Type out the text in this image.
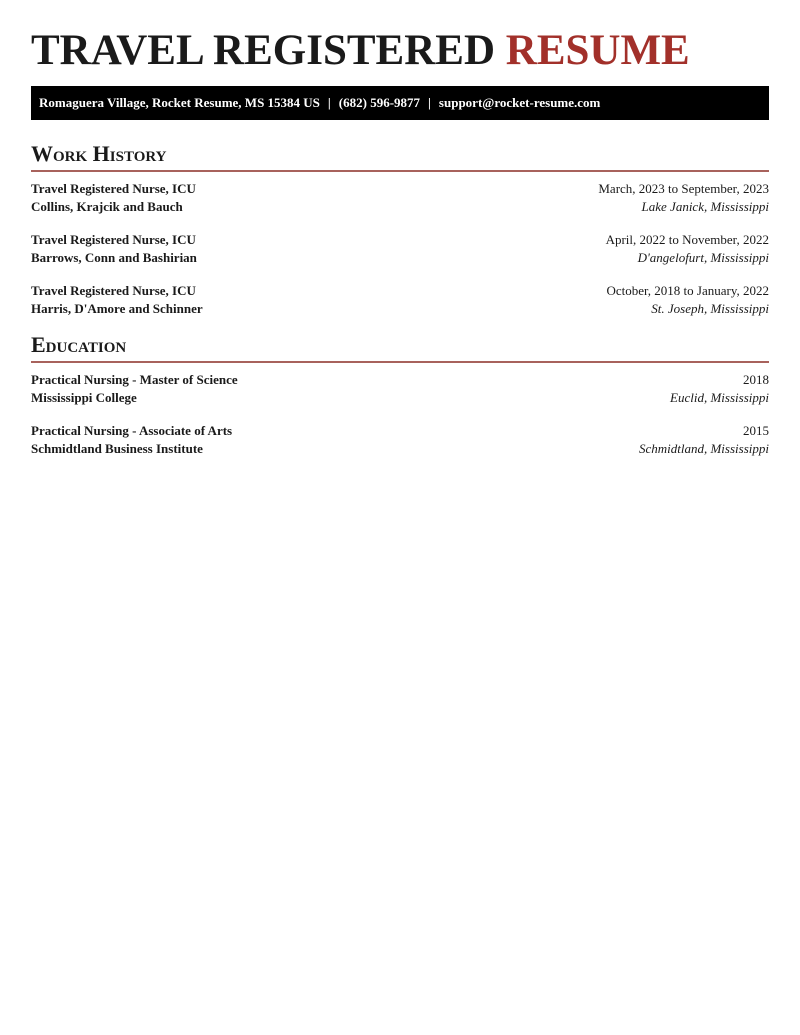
TRAVEL REGISTERED RESUME
Romaguera Village, Rocket Resume, MS 15384 US | (682) 596-9877 | support@rocket-resume.com
Work History
Travel Registered Nurse, ICU	March, 2023 to September, 2023
Collins, Krajcik and Bauch	Lake Janick, Mississippi
Travel Registered Nurse, ICU	April, 2022 to November, 2022
Barrows, Conn and Bashirian	D'angelofurt, Mississippi
Travel Registered Nurse, ICU	October, 2018 to January, 2022
Harris, D'Amore and Schinner	St. Joseph, Mississippi
Education
Practical Nursing - Master of Science	2018
Mississippi College	Euclid, Mississippi
Practical Nursing - Associate of Arts	2015
Schmidtland Business Institute	Schmidtland, Mississippi
